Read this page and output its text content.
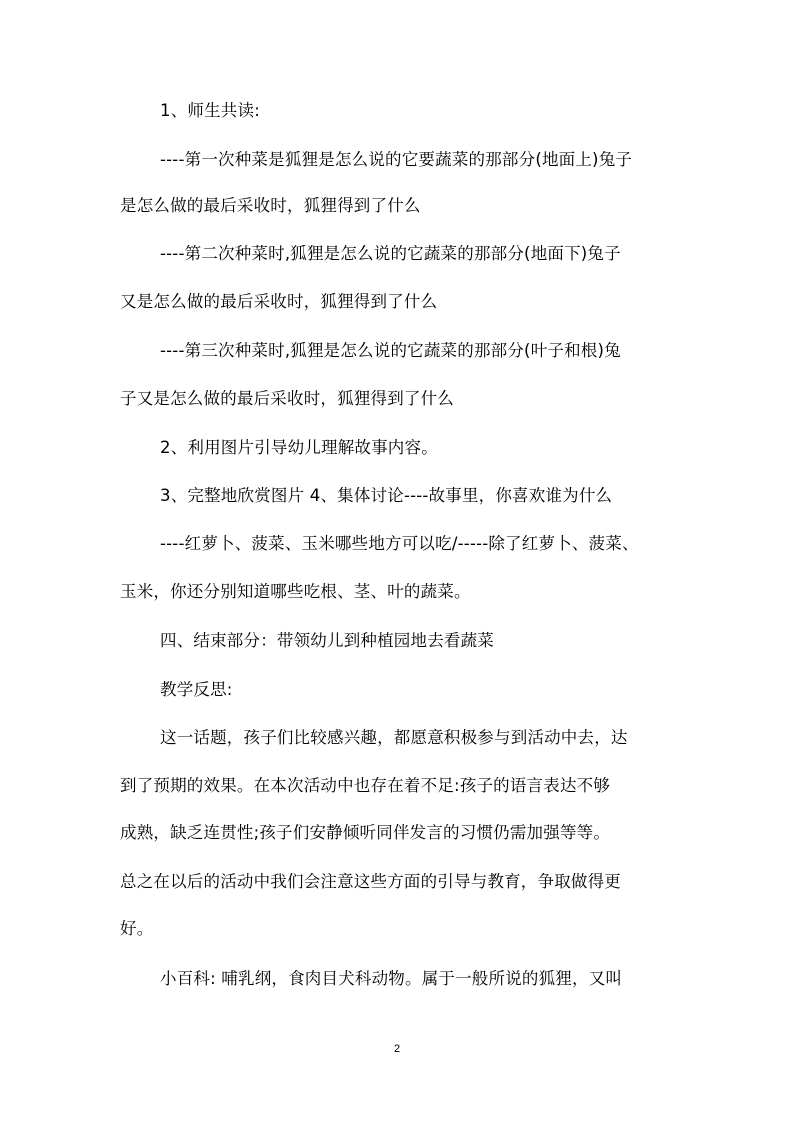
1、师生共读:
----第一次种菜是狐狸是怎么说的它要蔬菜的那部分(地面上)兔子
是怎么做的最后采收时，狐狸得到了什么
----第二次种菜时,狐狸是怎么说的它蔬菜的那部分(地面下)兔子
又是怎么做的最后采收时，狐狸得到了什么
----第三次种菜时,狐狸是怎么说的它蔬菜的那部分(叶子和根)兔
子又是怎么做的最后采收时，狐狸得到了什么
2、利用图片引导幼儿理解故事内容。
3、完整地欣赏图片 4、集体讨论----故事里，你喜欢谁为什么
----红萝卜、菠菜、玉米哪些地方可以吃/-----除了红萝卜、菠菜、
玉米，你还分别知道哪些吃根、茎、叶的蔬菜。
四、结束部分：带领幼儿到种植园地去看蔬菜
教学反思:
这一话题，孩子们比较感兴趣，都愿意积极参与到活动中去，达
到了预期的效果。在本次活动中也存在着不足:孩子的语言表达不够
成熟，缺乏连贯性;孩子们安静倾听同伴发言的习惯仍需加强等等。
总之在以后的活动中我们会注意这些方面的引导与教育，争取做得更
好。
小百科: 哺乳纲，食肉目犬科动物。属于一般所说的狐狸，又叫
2
